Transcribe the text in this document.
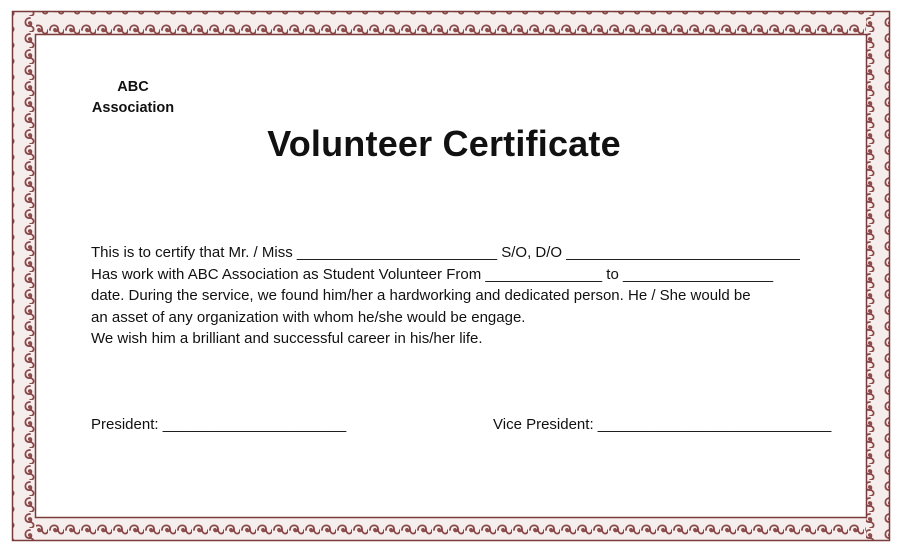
ABC
Association
Volunteer Certificate
This is to certify that Mr. / Miss ________________________ S/O, D/O ____________________________
Has work with ABC Association as Student Volunteer From ______________ to __________________
date. During the service, we found him/her a hardworking and dedicated person. He / She would be
an asset of any organization with whom he/she would be engage.
We wish him a brilliant and successful career in his/her life.
President: ______________________	Vice President: ____________________________
